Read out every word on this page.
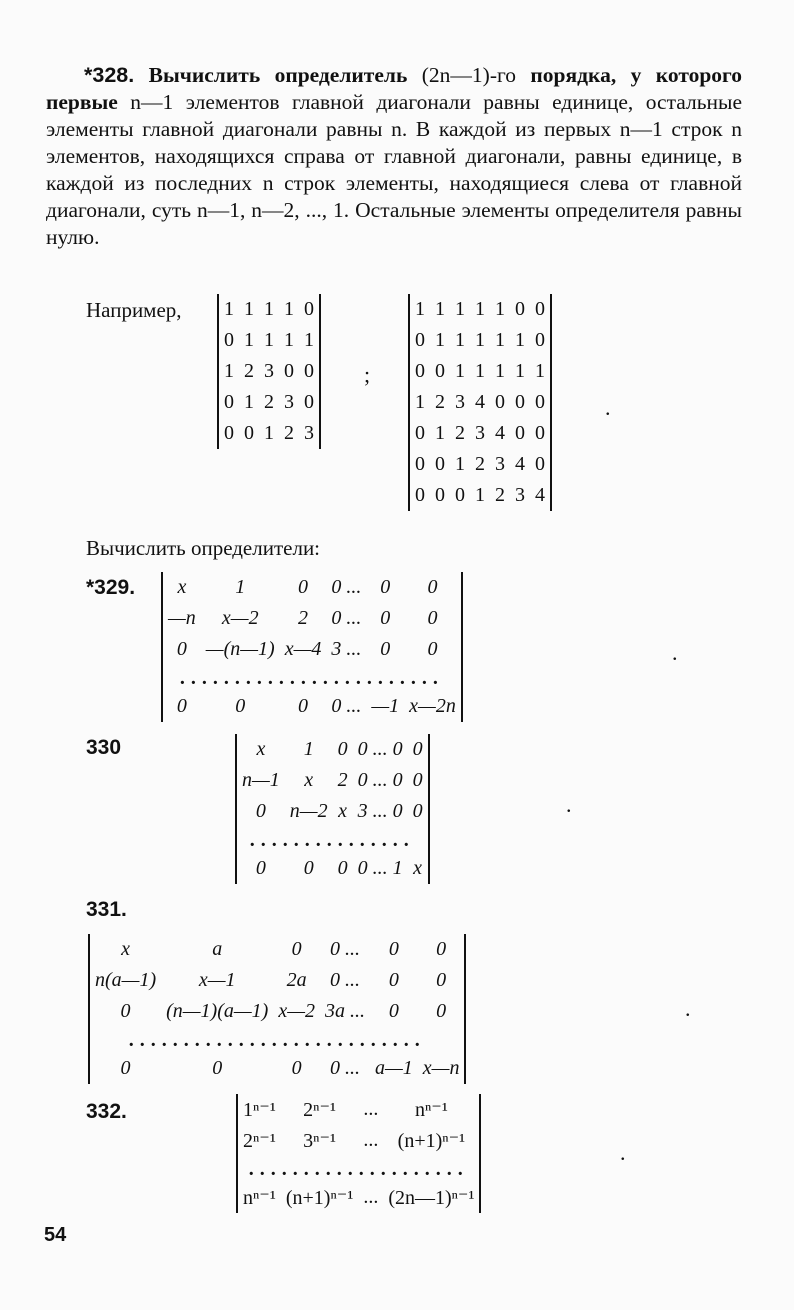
*328. Вычислить определитель (2n—1)-го порядка, у которого первые n—1 элементов главной диагонали равны единице, остальные элементы главной диагонали равны n. В каждой из первых n—1 строк n элементов, находящихся справа от главной диагонали, равны единице, в каждой из последних n строк элементы, находящиеся слева от главной диагонали, суть n—1, n—2, ..., 1. Остальные элементы определителя равны нулю.

Например, 1	1	1	1	0
0	1	1	1	1
1	2	3	0	0
0	1	2	3	0
0	0	1	2	3
;
1	1	1	1	1	0	0
0	1	1	1	1	1	0
0	0	1	1	1	1	1
1	2	3	4	0	0	0
0	1	2	3	4	0	0
0	0	1	2	3	4	0
0	0	0	1	2	3	4
.
Вычислить определители:
*329. x	1	0	0 ...	0	0
—n	x—2	2	0 ...	0	0
0	—(n—1)	x—4	3 ...	0	0
........................					
0	0	0	0 ...	—1	x—2n
.
330	x	1	0	0 ... 0	0
n—1	x	2	0 ... 0	0
0	n—2	x	3 ... 0	0
...............				
0	0	0	0 ... 1	x
.
331.
x	a	0	0 ...	0	0
n(a—1)	x—1	2a	0 ...	0	0
0	(n—1)(a—1)	x—2	3a ...	0	0
...........................					
0	0	0	0 ...	a—1	x—n
.
332.	1ⁿ⁻¹	2ⁿ⁻¹	...	nⁿ⁻¹
2ⁿ⁻¹	3ⁿ⁻¹	...	(n+1)ⁿ⁻¹
....................			
nⁿ⁻¹	(n+1)ⁿ⁻¹	...	(2n—1)ⁿ⁻¹
.
54
